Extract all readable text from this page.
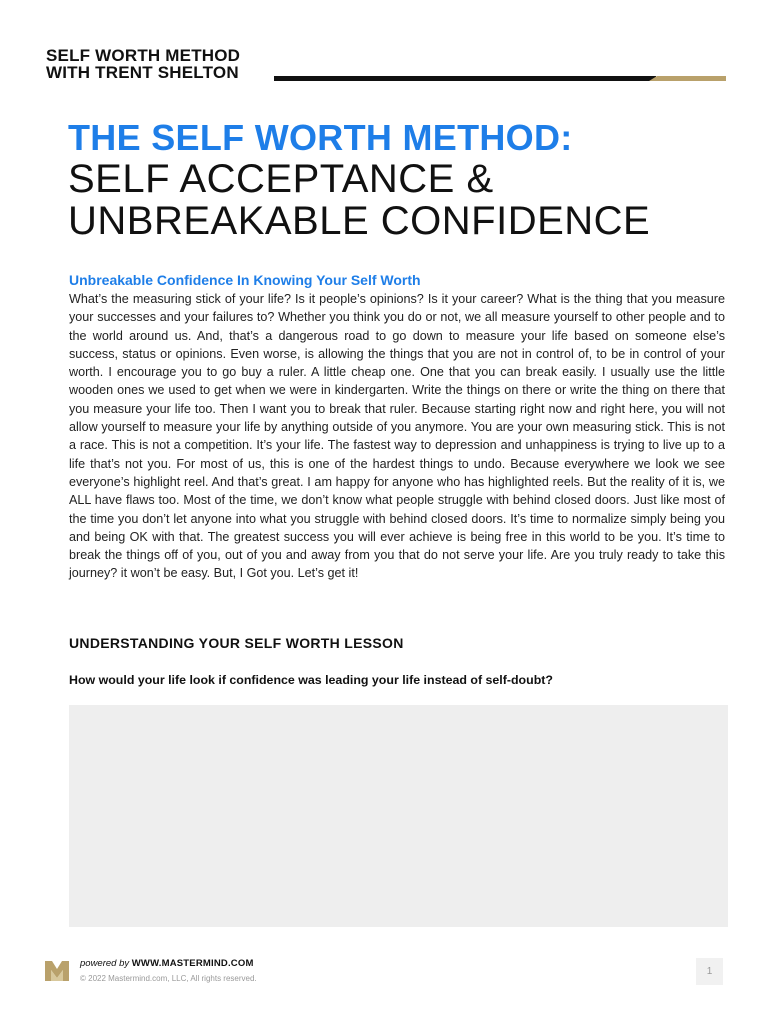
SELF WORTH METHOD
WITH TRENT SHELTON
THE SELF WORTH METHOD:
SELF ACCEPTANCE &
UNBREAKABLE CONFIDENCE
Unbreakable Confidence In Knowing Your Self Worth
What’s the measuring stick of your life? Is it people’s opinions? Is it your career? What is the thing that you measure your successes and your failures to? Whether you think you do or not, we all measure yourself to other people and to the world around us. And, that’s a dangerous road to go down to measure your life based on someone else’s success, status or opinions. Even worse, is allowing the things that you are not in control of, to be in control of your worth. I encourage you to go buy a ruler. A little cheap one. One that you can break easily. I usually use the little wooden ones we used to get when we were in kindergarten. Write the things on there or write the thing on there that you measure your life too. Then I want you to break that ruler. Because starting right now and right here, you will not allow yourself to measure your life by anything outside of you anymore. You are your own measuring stick. This is not a race. This is not a competition. It’s your life. The fastest way to depression and unhappiness is trying to live up to a life that’s not you. For most of us, this is one of the hardest things to undo. Because everywhere we look we see everyone’s highlight reel. And that’s great. I am happy for anyone who has highlighted reels. But the reality of it is, we ALL have flaws too. Most of the time, we don’t know what people struggle with behind closed doors. Just like most of the time you don’t let anyone into what you struggle with behind closed doors. It’s time to normalize simply being you and being OK with that. The greatest success you will ever achieve is being free in this world to be you. It’s time to break the things off of you, out of you and away from you that do not serve your life. Are you truly ready to take this journey? it won’t be easy. But, I Got you. Let’s get it!
UNDERSTANDING YOUR SELF WORTH LESSON
How would your life look if confidence was leading your life instead of self-doubt?
powered by WWW.MASTERMIND.COM
© 2022 Mastermind.com, LLC, All rights reserved.
1
